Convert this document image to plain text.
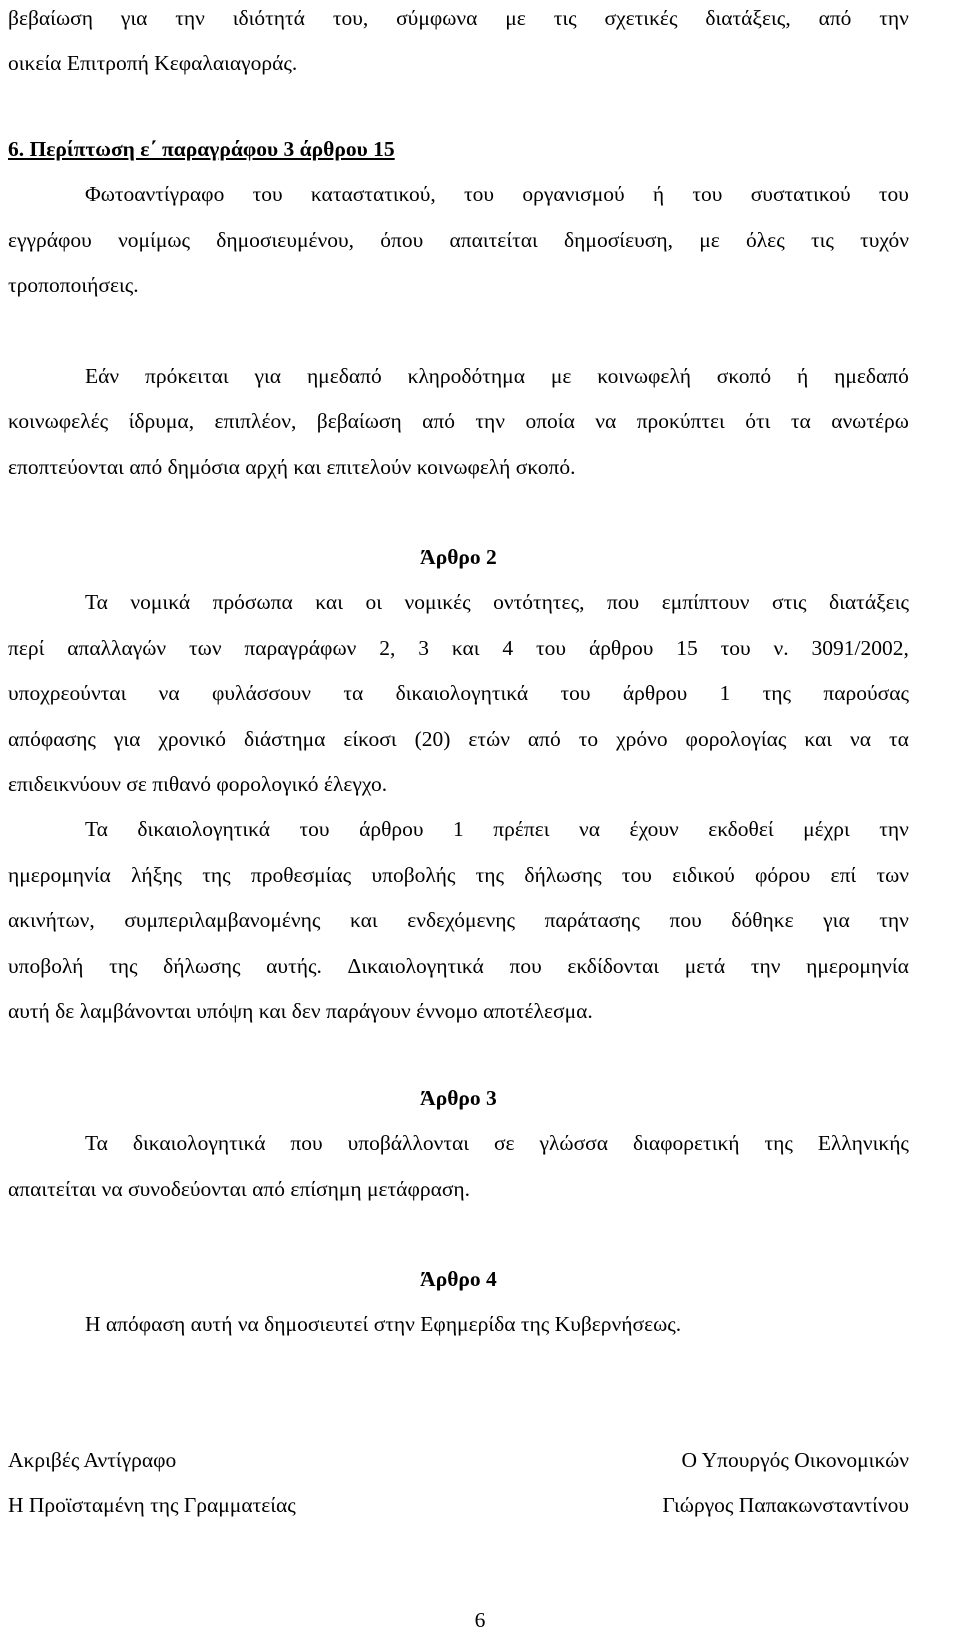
βεβαίωση για την ιδιότητά του, σύμφωνα με τις σχετικές διατάξεις, από την
οικεία Επιτροπή Κεφαλαιαγοράς.
6. Περίπτωση ε΄ παραγράφου 3 άρθρου 15
Φωτοαντίγραφο του καταστατικού, του οργανισμού ή του συστατικού του
εγγράφου νομίμως δημοσιευμένου, όπου απαιτείται δημοσίευση, με όλες τις τυχόν
τροποποιήσεις.
Εάν πρόκειται για ημεδαπό κληροδότημα με κοινωφελή σκοπό ή ημεδαπό
κοινωφελές ίδρυμα, επιπλέον, βεβαίωση από την οποία να προκύπτει ότι τα ανωτέρω
εποπτεύονται από δημόσια αρχή και επιτελούν κοινωφελή σκοπό.
Άρθρο 2
Τα νομικά πρόσωπα και οι νομικές οντότητες, που εμπίπτουν στις διατάξεις
περί απαλλαγών των παραγράφων 2, 3 και 4 του άρθρου 15 του ν. 3091/2002,
υποχρεούνται να φυλάσσουν τα δικαιολογητικά του άρθρου 1 της παρούσας
απόφασης για χρονικό διάστημα είκοσι (20) ετών από το χρόνο φορολογίας και να τα
επιδεικνύουν σε πιθανό φορολογικό έλεγχο.
Τα δικαιολογητικά του άρθρου 1 πρέπει να έχουν εκδοθεί μέχρι την
ημερομηνία λήξης της προθεσμίας υποβολής της δήλωσης του ειδικού φόρου επί των
ακινήτων, συμπεριλαμβανομένης και ενδεχόμενης παράτασης που δόθηκε για την
υποβολή της δήλωσης αυτής. Δικαιολογητικά που εκδίδονται μετά την ημερομηνία
αυτή δε λαμβάνονται υπόψη και δεν παράγουν έννομο αποτέλεσμα.
Άρθρο 3
Τα δικαιολογητικά που υποβάλλονται σε γλώσσα διαφορετική της Ελληνικής
απαιτείται να συνοδεύονται από επίσημη μετάφραση.
Άρθρο 4
Η απόφαση αυτή να δημοσιευτεί στην Εφημερίδα της Κυβερνήσεως.
Ακριβές Αντίγραφο	Ο Υπουργός Οικονομικών
Η Προϊσταμένη της Γραμματείας	Γιώργος Παπακωνσταντίνου
6
